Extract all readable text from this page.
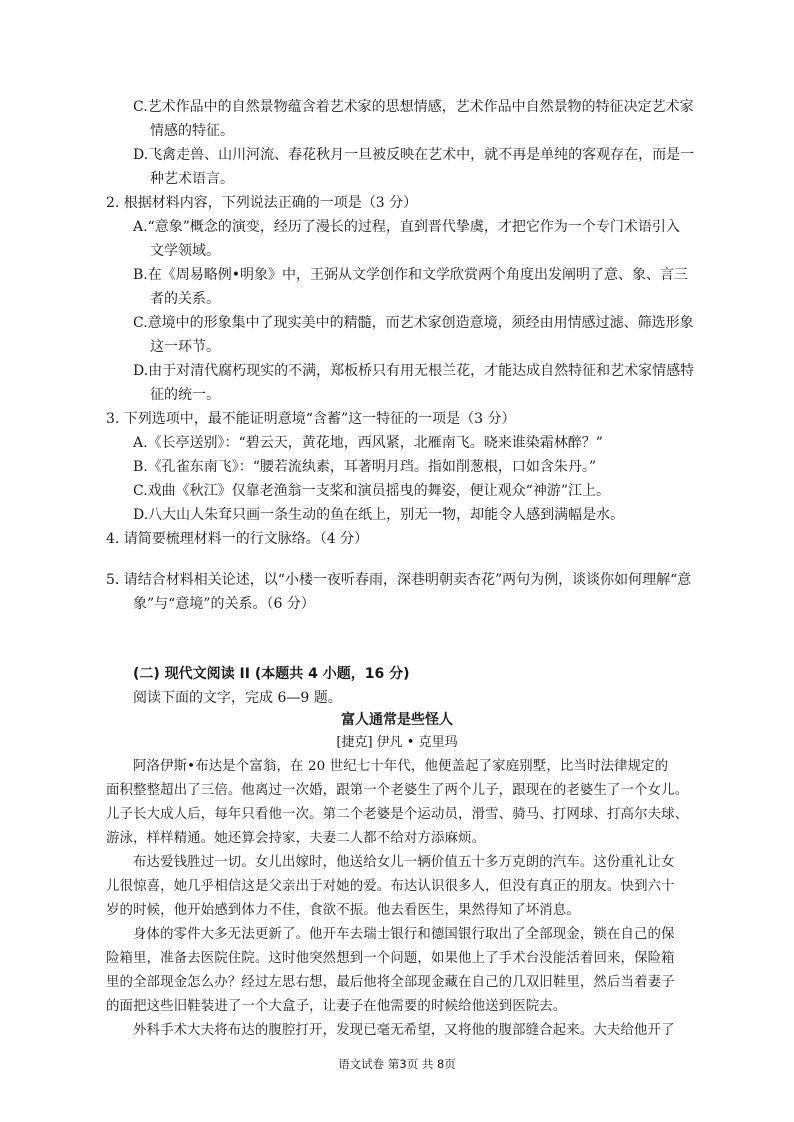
C.艺术作品中的自然景物蕴含着艺术家的思想情感，艺术作品中自然景物的特征决定艺术家
情感的特征。
D.飞禽走兽、山川河流、春花秋月一旦被反映在艺术中，就不再是单纯的客观存在，而是一
种艺术语言。
2. 根据材料内容，下列说法正确的一项是（3 分）
A.“意象”概念的演变，经历了漫长的过程，直到晋代挚虞，才把它作为一个专门术语引入
文学领域。
B.在《周易略例•明象》中，王弼从文学创作和文学欣赏两个角度出发阐明了意、象、言三
者的关系。
C.意境中的形象集中了现实美中的精髓，而艺术家创造意境，须经由用情感过滤、筛选形象
这一环节。
D.由于对清代腐朽现实的不满，郑板桥只有用无根兰花，才能达成自然特征和艺术家情感特
征的统一。
3. 下列选项中，最不能证明意境“含蓄”这一特征的一项是（3 分）
A.《长亭送别》：“碧云天，黄花地，西风紧，北雁南飞。晓来谁染霜林醉？”
B.《孔雀东南飞》：“腰若流纨素，耳著明月珰。指如削葱根，口如含朱丹。”
C.戏曲《秋江》仅靠老渔翁一支桨和演员摇曳的舞姿，便让观众“神游”江上。
D.八大山人朱耷只画一条生动的鱼在纸上，别无一物，却能令人感到满幅是水。
4. 请简要梳理材料一的行文脉络。（4 分）
5. 请结合材料相关论述，以“小楼一夜听春雨，深巷明朝卖杏花”两句为例，谈谈你如何理解“意
象”与“意境”的关系。（6 分）
(二) 现代文阅读 II (本题共 4 小题，16 分)
阅读下面的文字，完成 6—9 题。
富人通常是些怪人
[捷克] 伊凡 • 克里玛
阿洛伊斯•布达是个富翁，在 20 世纪七十年代，他便盖起了家庭别墅，比当时法律规定的
面积整整超出了三倍。他离过一次婚，跟第一个老婆生了两个儿子，跟现在的老婆生了一个女儿。
儿子长大成人后，每年只看他一次。第二个老婆是个运动员，滑雪、骑马、打网球、打高尔夫球、
游泳，样样精通。她还算会持家，夫妻二人都不给对方添麻烦。
布达爱钱胜过一切。女儿出嫁时，他送给女儿一辆价值五十多万克朗的汽车。这份重礼让女
儿很惊喜，她几乎相信这是父亲出于对她的爱。布达认识很多人，但没有真正的朋友。快到六十
岁的时候，他开始感到体力不佳，食欲不振。他去看医生，果然得知了坏消息。
身体的零件大多无法更新了。他开车去瑞士银行和德国银行取出了全部现金，锁在自己的保
险箱里，准备去医院住院。这时他突然想到一个问题，如果他上了手术台没能活着回来，保险箱
里的全部现金怎么办？经过左思右想，最后他将全部现金藏在自己的几双旧鞋里，然后当着妻子
的面把这些旧鞋装进了一个大盒子，让妻子在他需要的时候给他送到医院去。
外科手术大夫将布达的腹腔打开，发现已毫无希望，又将他的腹部缝合起来。大夫给他开了
语文试卷 第3页 共 8页
